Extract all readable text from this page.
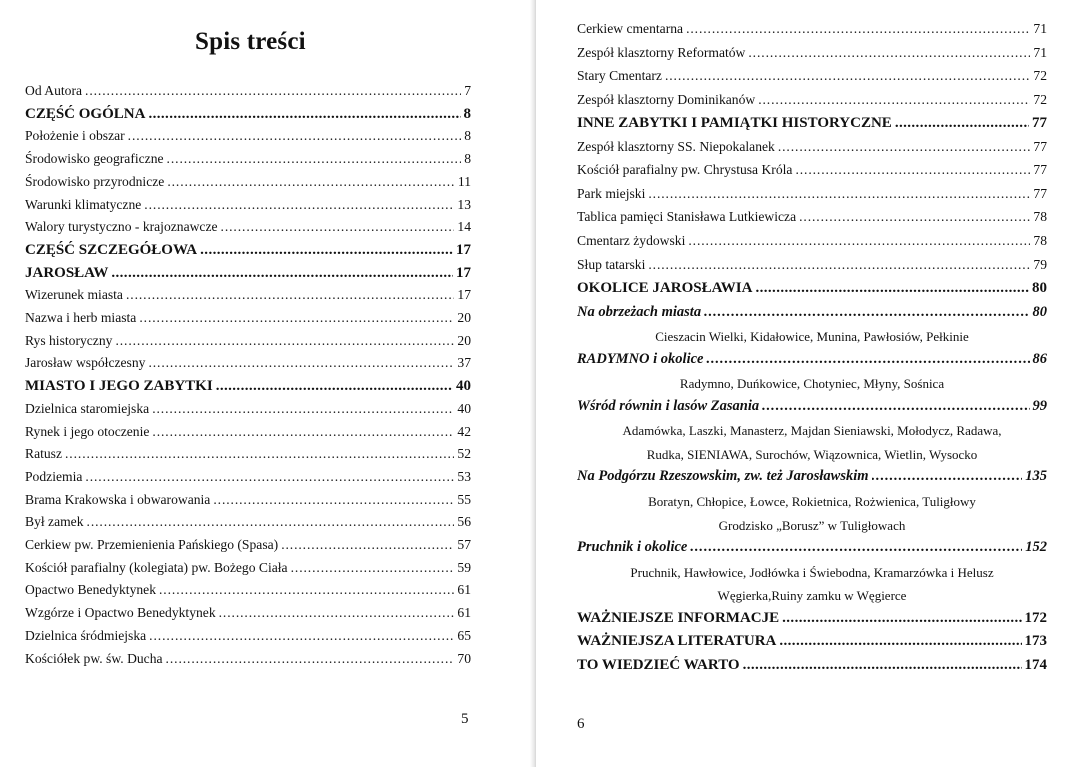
Spis treści
Od Autora .....	7
CZĘŚĆ OGÓLNA .....	8
Położenie i obszar .....	8
Środowisko geograficzne .....	8
Środowisko przyrodnicze .....	11
Warunki klimatyczne .....	13
Walory turystyczno - krajoznawcze .....	14
CZĘŚĆ SZCZEGÓŁOWA .....	17
JAROSŁAW .....	17
Wizerunek miasta .....	17
Nazwa i herb miasta .....	20
Rys historyczny .....	20
Jarosław współczesny .....	37
MIASTO I JEGO ZABYTKI .....	40
Dzielnica staromiejska .....	40
Rynek i jego otoczenie .....	42
Ratusz .....	52
Podziemia .....	53
Brama Krakowska i obwarowania .....	55
Był zamek .....	56
Cerkiew pw. Przemienienia Pańskiego (Spasa) .....	57
Kościół parafialny (kolegiata) pw. Bożego Ciała .....	59
Opactwo Benedyktynek .....	61
Wzgórze i Opactwo Benedyktynek .....	61
Dzielnica śródmiejska .....	65
Kościółek pw. św. Ducha .....	70
5
Cerkiew cmentarna .....	71
Zespół klasztorny Reformatów .....	71
Stary Cmentarz .....	72
Zespół klasztorny Dominikanów .....	72
INNE ZABYTKI I PAMIĄTKI HISTORYCZNE .....	77
Zespół klasztorny SS. Niepokalanek .....	77
Kościół parafialny pw. Chrystusa Króla .....	77
Park miejski .....	77
Tablica pamięci Stanisława Lutkiewicza .....	78
Cmentarz żydowski .....	78
Słup tatarski .....	79
OKOLICE JAROSŁAWIA .....	80
Na obrzeżach miasta .....	80
Cieszacin Wielki, Kidałowice, Munina, Pawłosiów, Pełkinie
RADYMNO i okolice .....	86
Radymno, Duńkowice, Chotyniec, Młyny, Sośnica
Wśród równin i lasów Zasania .....	99
Adamówka, Laszki, Manasterz, Majdan Sieniawski, Mołodycz, Radawa,
Rudka, SIENIAWA, Surochów, Wiązownica, Wietlin, Wysocko
Na Podgórzu Rzeszowskim, zw. też Jarosławskim .....	135
Boratyn, Chłopice, Łowce, Rokietnica, Rożwienica, Tuligłowy
Grodzisko „Borusz” w Tuligłowach
Pruchnik i okolice .....	152
Pruchnik, Hawłowice, Jodłówka i Świebodna, Kramarzówka i Helusz
Węgierka,Ruiny zamku w Węgierce
WAŻNIEJSZE INFORMACJE .....	172
WAŻNIEJSZA LITERATURA .....	173
TO WIEDZIEĆ WARTO .....	174
6
